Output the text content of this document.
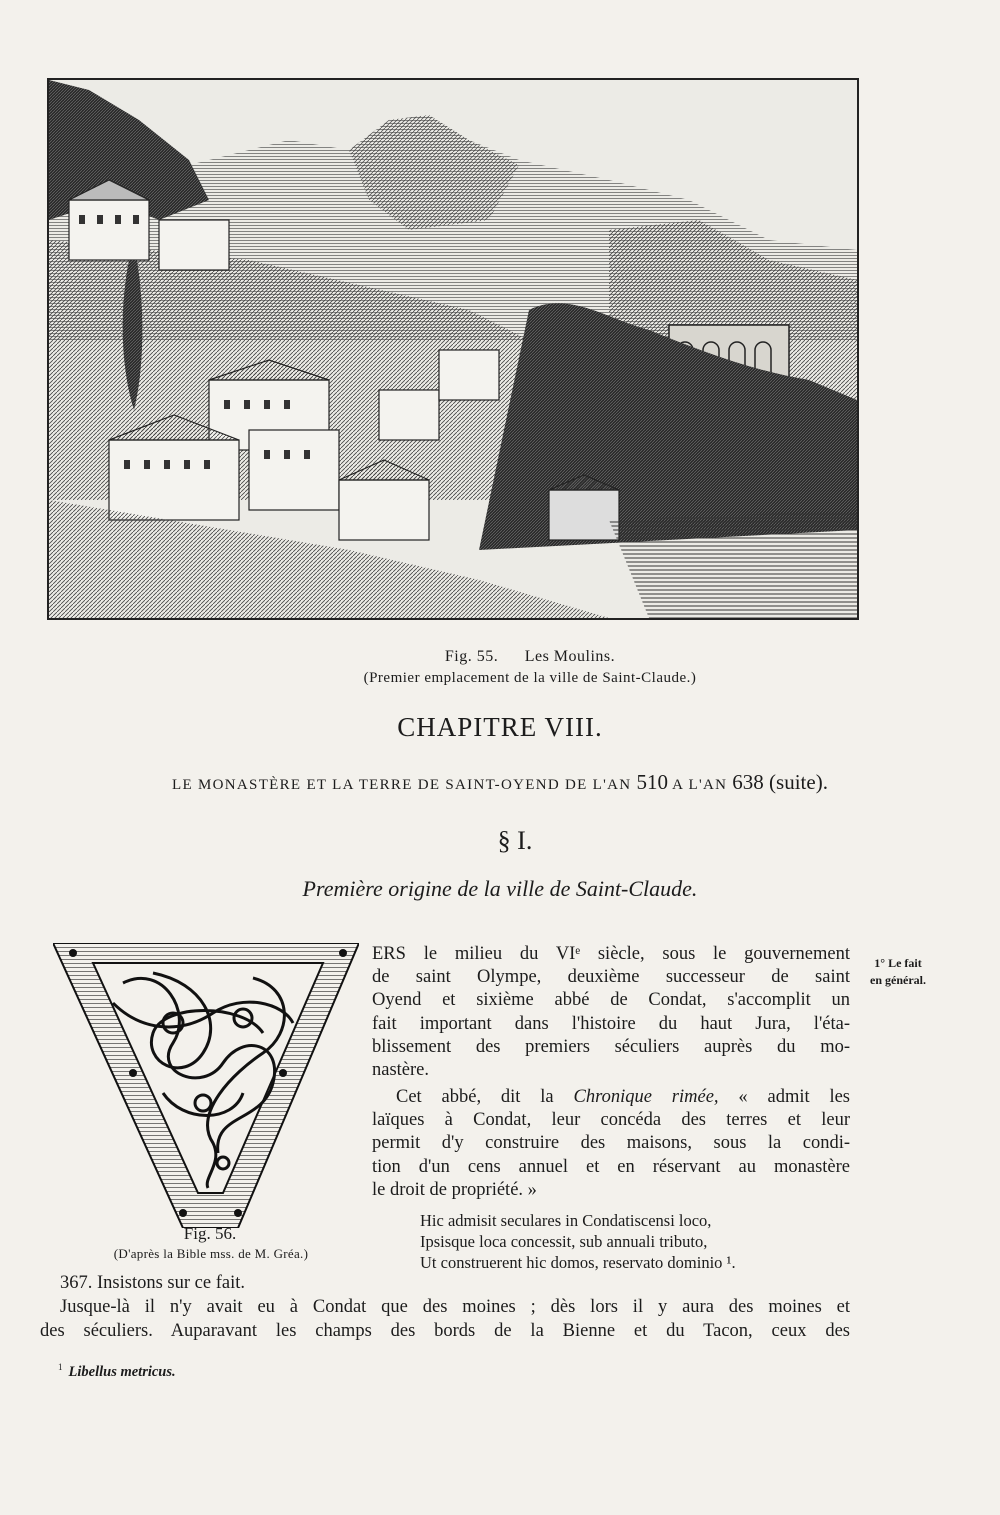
Fig. 55. Les Moulins.
(Premier emplacement de la ville de Saint-Claude.)
CHAPITRE VIII.
LE MONASTÈRE ET LA TERRE DE SAINT-OYEND DE L'AN 510 A L'AN 638 (suite).
§ I.
Première origine de la ville de Saint-Claude.
Fig. 56.
(D'après la Bible mss. de M. Gréa.)
1° Le fait
en général.
ERS le milieu du VIᵉ siècle, sous le gouvernement
de saint Olympe, deuxième successeur de saint
Oyend et sixième abbé de Condat, s'accomplit un
fait important dans l'histoire du haut Jura, l'éta-
blissement des premiers séculiers auprès du mo-
nastère.
Cet abbé, dit la Chronique rimée, « admit les
laïques à Condat, leur concéda des terres et leur
permit d'y construire des maisons, sous la condi-
tion d'un cens annuel et en réservant au monastère
le droit de propriété. »
Hic admisit seculares in Condatiscensi loco,
Ipsisque loca concessit, sub annuali tributo,
Ut construerent hic domos, reservato dominio ¹.
367. Insistons sur ce fait.
Jusque-là il n'y avait eu à Condat que des moines ; dès lors il y aura des moines et
des séculiers. Auparavant les champs des bords de la Bienne et du Tacon, ceux des
$^1$ Libellus metricus.
